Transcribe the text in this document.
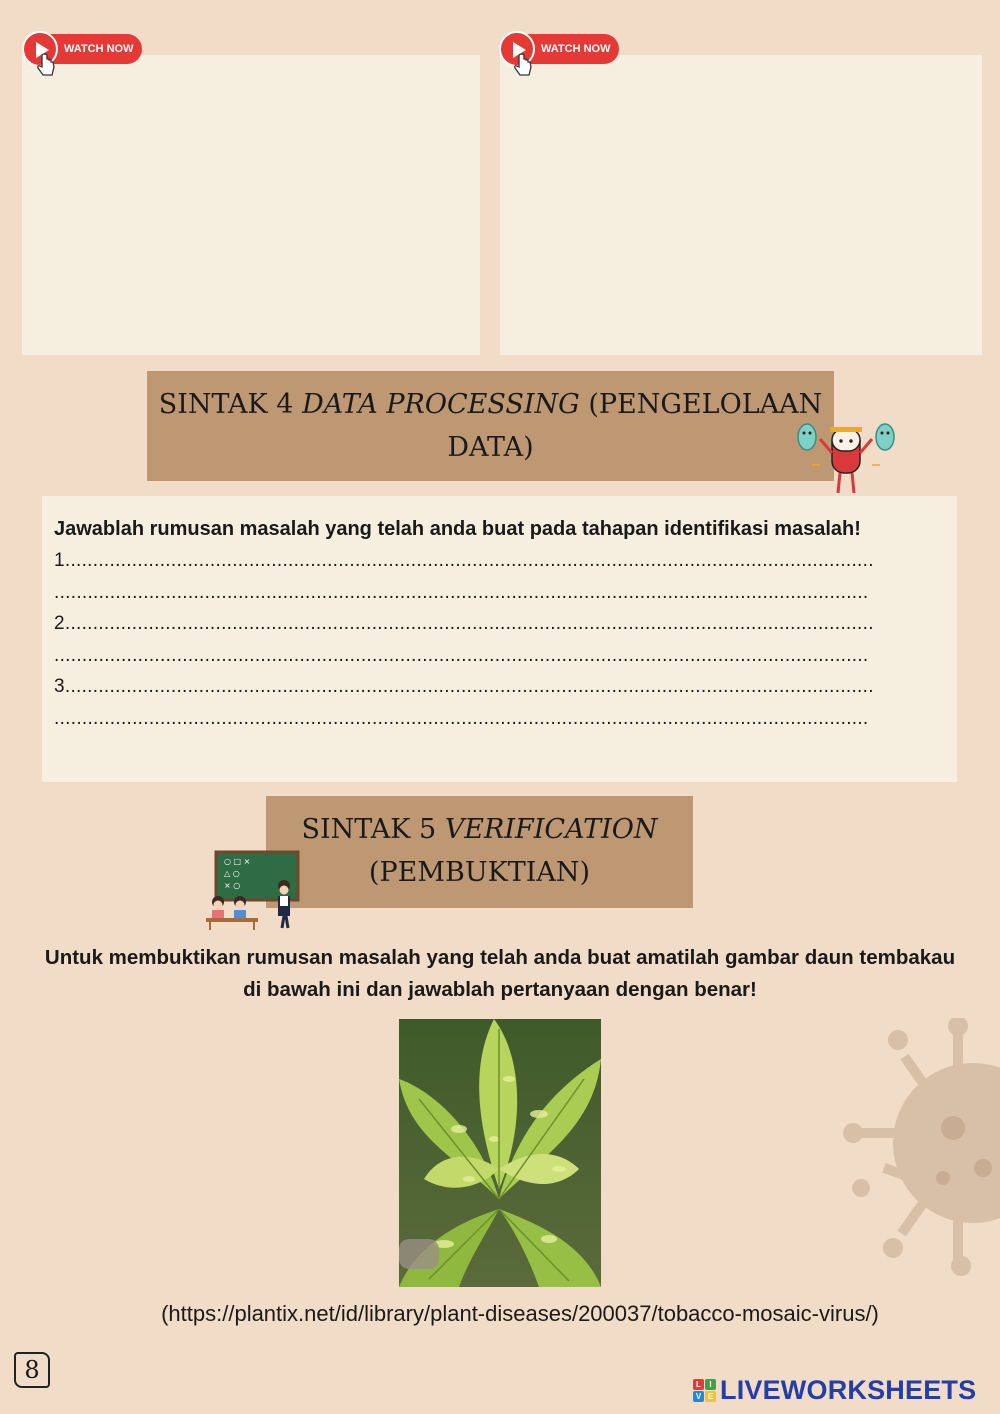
WATCH NOW	WATCH NOW
SINTAK 4 DATA PROCESSING (PENGELOLAAN DATA)

Jawablah rumusan masalah yang telah anda buat pada tahapan identifikasi masalah!

1.................................................................................................................................................

..................................................................................................................................................

2.................................................................................................................................................

..................................................................................................................................................

3.................................................................................................................................................

..................................................................................................................................................

SINTAK 5 VERIFICATION
(PEMBUKTIAN)
○ □ ×
△ ○
× ○

Untuk membuktikan rumusan masalah yang telah anda buat amatilah gambar daun tembakau di bawah ini dan jawablah pertanyaan dengan benar!

(https://plantix.net/id/library/plant-diseases/200037/tobacco-mosaic-virus/)

8	L	I
V E LIVEWORKSHEETS
